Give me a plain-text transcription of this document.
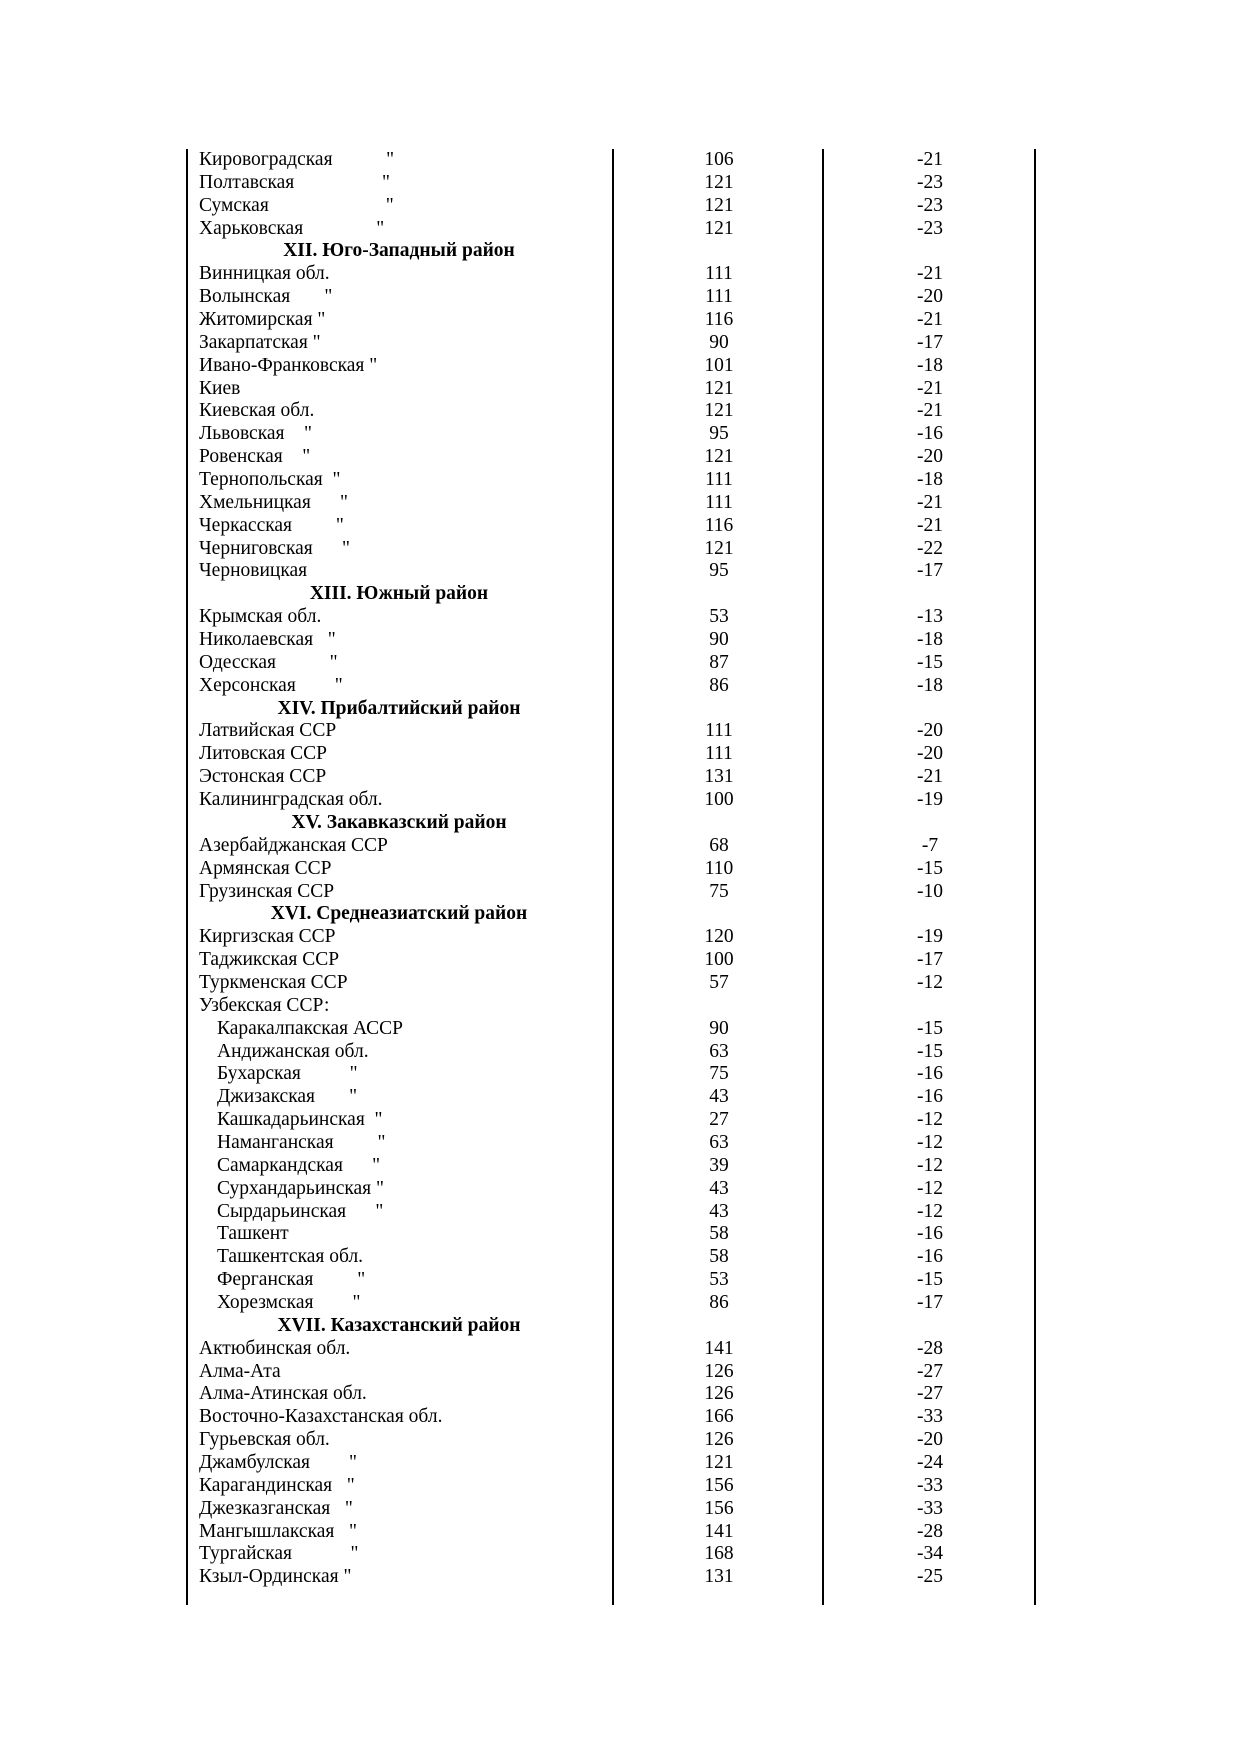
Кировоградская           "	106	-21
Полтавская                  "	121	-23
Сумская                        "	121	-23
Харьковская               "	121	-23
XII. Юго-Западный район
Винницкая обл.	111	-21
Волынская       "	111	-20
Житомирская "	116	-21
Закарпатская "	90	-17
Ивано-Франковская "	101	-18
Киев	121	-21
Киевская обл.	121	-21
Львовская    "	95	-16
Ровенская    "	121	-20
Тернопольская  "	111	-18
Хмельницкая      "	111	-21
Черкасская         "	116	-21
Черниговская      "	121	-22
Черновицкая	95	-17
XIII. Южный район
Крымская обл.	53	-13
Николаевская   "	90	-18
Одесская           "	87	-15
Херсонская        "	86	-18
XIV. Прибалтийский район
Латвийская ССР	111	-20
Литовская ССР	111	-20
Эстонская ССР	131	-21
Калининградская обл.	100	-19
XV. Закавказский район
Азербайджанская ССР	68	-7
Армянская ССР	110	-15
Грузинская ССР	75	-10
XVI. Среднеазиатский район
Киргизская ССР	120	-19
Таджикская ССР	100	-17
Туркменская ССР	57	-12
Узбекская ССР:
Каракалпакская АССР	90	-15
Андижанская обл.	63	-15
Бухарская          "	75	-16
Джизакская       "	43	-16
Кашкадарьинская  "	27	-12
Наманганская         "	63	-12
Самаркандская      "	39	-12
Сурхандарьинская "	43	-12
Сырдарьинская      "	43	-12
Ташкент	58	-16
Ташкентская обл.	58	-16
Ферганская         "	53	-15
Хорезмская        "	86	-17
XVII. Казахстанский район
Актюбинская обл.	141	-28
Алма-Ата	126	-27
Алма-Атинская обл.	126	-27
Восточно-Казахстанская обл.	166	-33
Гурьевская обл.	126	-20
Джамбулская        "	121	-24
Карагандинская   "	156	-33
Джезказганская   "	156	-33
Мангышлакская   "	141	-28
Тургайская            "	168	-34
Кзыл-Ординская "	131	-25
